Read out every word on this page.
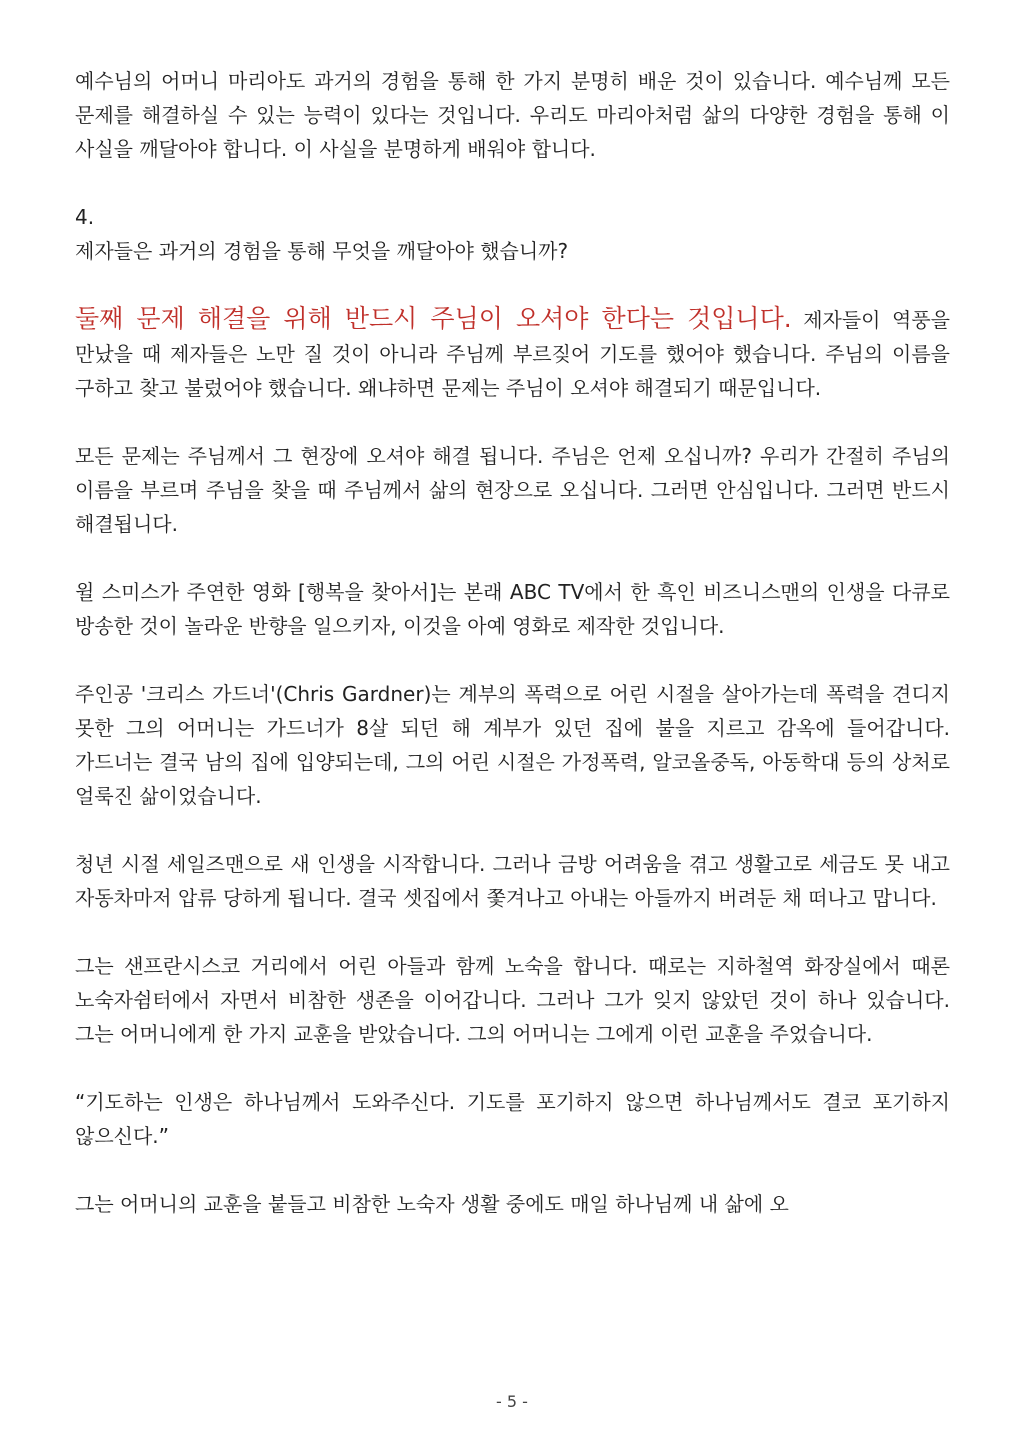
예수님의 어머니 마리아도 과거의 경험을 통해 한 가지 분명히 배운 것이 있습니다. 예수님께 모든 문제를 해결하실 수 있는 능력이 있다는 것입니다. 우리도 마리아처럼 삶의 다양한 경험을 통해 이 사실을 깨달아야 합니다. 이 사실을 분명하게 배워야 합니다.

4.

제자들은 과거의 경험을 통해 무엇을 깨달아야 했습니까?

둘째 문제 해결을 위해 반드시 주님이 오셔야 한다는 것입니다. 제자들이 역풍을 만났을 때 제자들은 노만 질 것이 아니라 주님께 부르짖어 기도를 했어야 했습니다. 주님의 이름을 구하고 찾고 불렀어야 했습니다. 왜냐하면 문제는 주님이 오셔야 해결되기 때문입니다.

모든 문제는 주님께서 그 현장에 오셔야 해결 됩니다. 주님은 언제 오십니까? 우리가 간절히 주님의 이름을 부르며 주님을 찾을 때 주님께서 삶의 현장으로 오십니다. 그러면 안심입니다. 그러면 반드시 해결됩니다.

윌 스미스가 주연한 영화 [행복을 찾아서]는 본래 ABC TV에서 한 흑인 비즈니스맨의 인생을 다큐로 방송한 것이 놀라운 반향을 일으키자, 이것을 아예 영화로 제작한 것입니다.

주인공 '크리스 가드너'(Chris Gardner)는 계부의 폭력으로 어린 시절을 살아가는데 폭력을 견디지 못한 그의 어머니는 가드너가 8살 되던 해 계부가 있던 집에 불을 지르고 감옥에 들어갑니다. 가드너는 결국 남의 집에 입양되는데, 그의 어린 시절은 가정폭력, 알코올중독, 아동학대 등의 상처로 얼룩진 삶이었습니다.

청년 시절 세일즈맨으로 새 인생을 시작합니다. 그러나 금방 어려움을 겪고 생활고로 세금도 못 내고 자동차마저 압류 당하게 됩니다. 결국 셋집에서 쫓겨나고 아내는 아들까지 버려둔 채 떠나고 맙니다.

그는 샌프란시스코 거리에서 어린 아들과 함께 노숙을 합니다. 때로는 지하철역 화장실에서 때론 노숙자쉼터에서 자면서 비참한 생존을 이어갑니다. 그러나 그가 잊지 않았던 것이 하나 있습니다. 그는 어머니에게 한 가지 교훈을 받았습니다. 그의 어머니는 그에게 이런 교훈을 주었습니다.

“기도하는 인생은 하나님께서 도와주신다. 기도를 포기하지 않으면 하나님께서도 결코 포기하지 않으신다.”

그는 어머니의 교훈을 붙들고 비참한 노숙자 생활 중에도 매일 하나님께 내 삶에 오

- 5 -
